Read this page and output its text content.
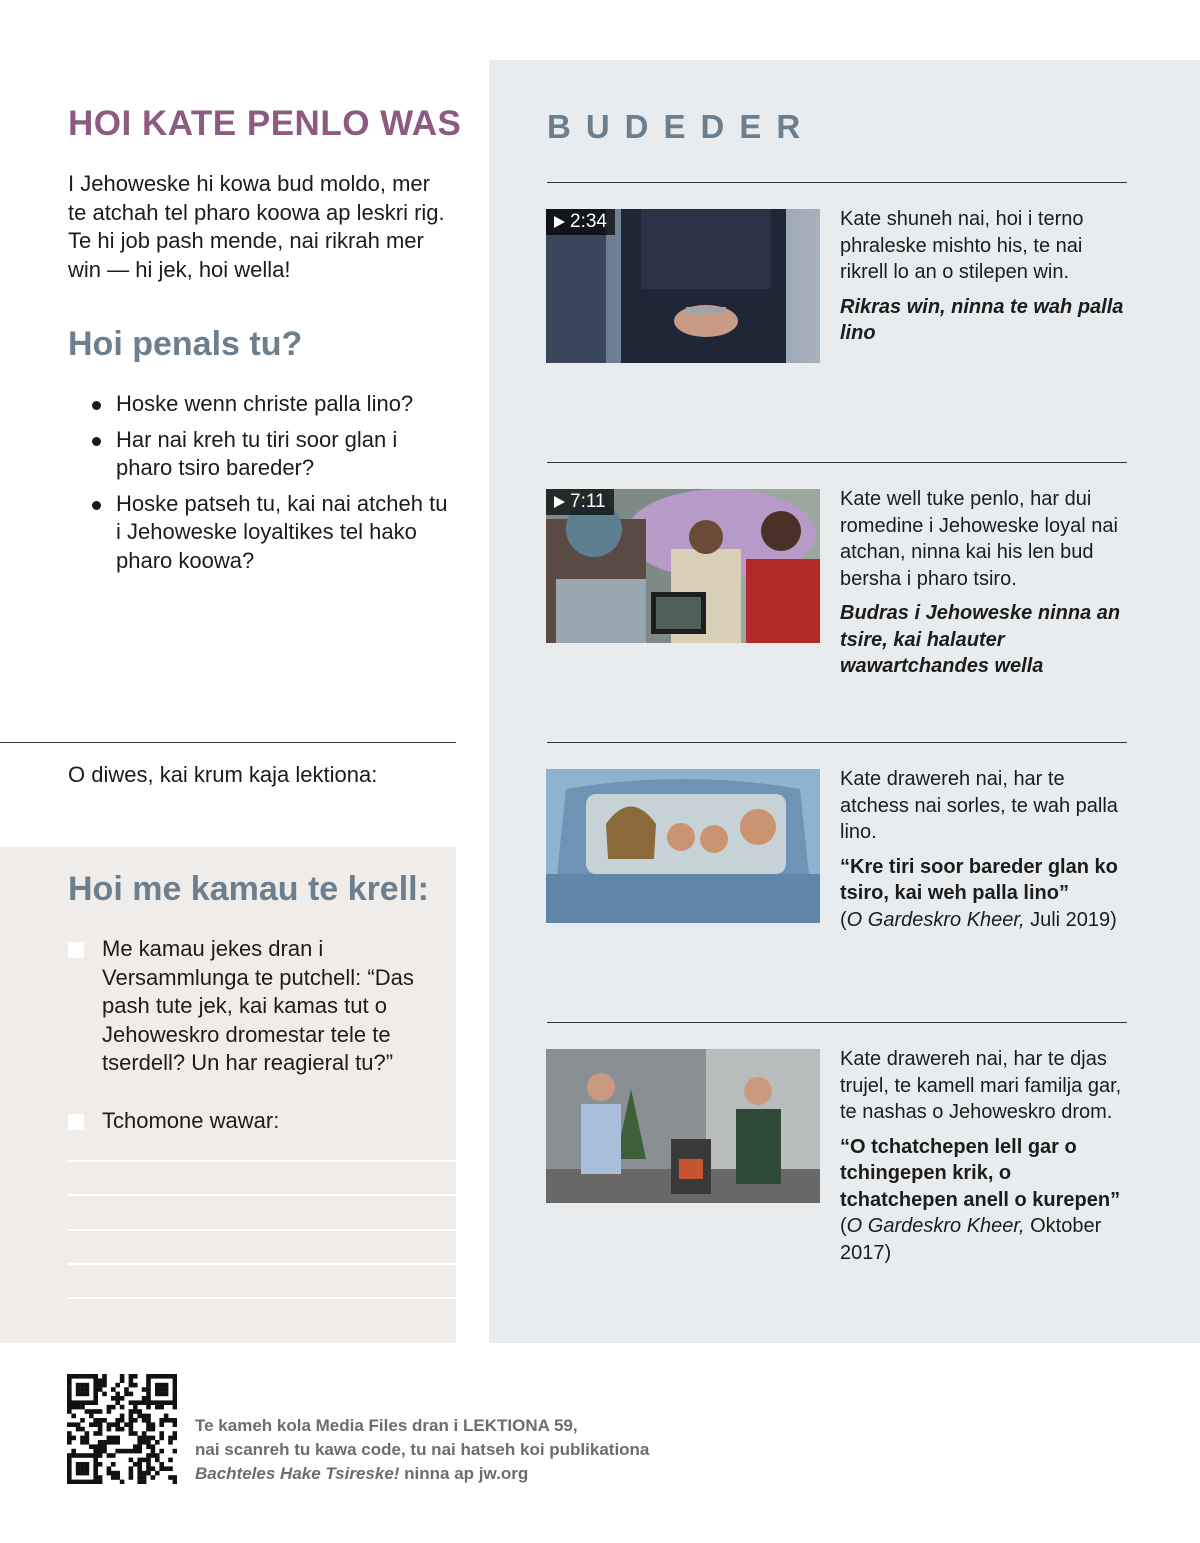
HOI KATE PENLO WAS

I Jehoweske hi kowa bud moldo, mer te atchah tel pharo koowa ap leskri rig. Te hi job pash mende, nai rikrah mer win — hi jek, hoi wella!

Hoi penals tu?
Hoske wenn christe palla lino?
Har nai kreh tu tiri soor glan i pharo tsiro bareder?
Hoske patseh tu, kai nai atcheh tu i Jehoweske loyaltikes tel hako pharo koowa?

O diwes, kai krum kaja lektiona:

Hoi me kamau te krell:
Me kamau jekes dran i Versammlunga te putchell: “Das pash tute jek, kai kamas tut o Jehoweskro dromestar tele te tserdell? Un har reagieral tu?”
Tchomone wawar:
BUDEDER
2:34	Kate shuneh nai, hoi i terno phraleske mishto his, te nai rikrell lo an o stilepen win.

Rikras win, ninna te wah palla lino

7:11	Kate well tuke penlo, har dui romedine i Jehoweske loyal nai atchan, ninna kai his len bud bersha i pharo tsiro.

Budras i Jehoweske ninna an tsire, kai halauter wawartchandes wella

Kate drawereh nai, har te atchess nai sorles, te wah palla lino.

“Kre tiri soor bareder glan ko tsiro, kai weh palla lino”
(O Gardeskro Kheer, Juli 2019)

Kate drawereh nai, har te djas trujel, te kamell mari familja gar, te nashas o Jehoweskro drom.

“O tchatchepen lell gar o tchingepen krik, o tchatchepen anell o kurepen” (O Gardeskro Kheer, Oktober 2017)

Te kameh kola Media Files dran i LEKTIONA 59,
nai scanreh tu kawa code, tu nai hatseh koi publikationa
Bachteles Hake Tsireske! ninna ap jw.org
